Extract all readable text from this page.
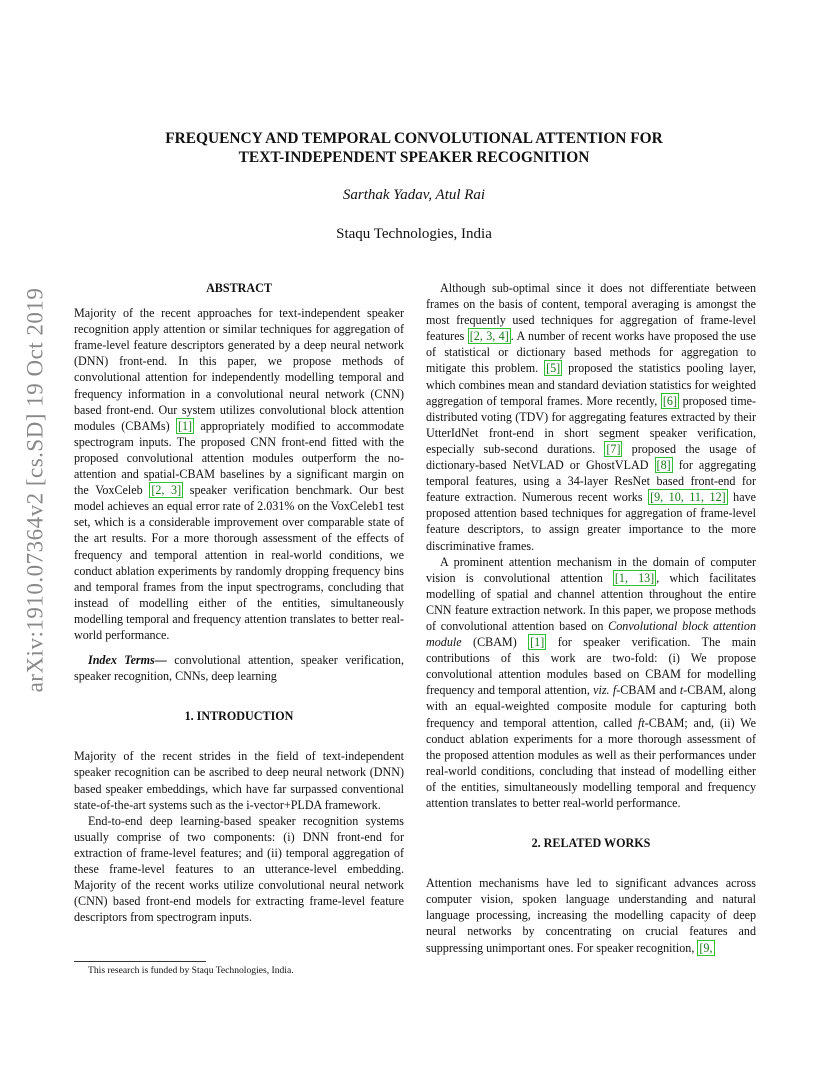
arXiv:1910.07364v2 [cs.SD] 19 Oct 2019
FREQUENCY AND TEMPORAL CONVOLUTIONAL ATTENTION FOR
TEXT-INDEPENDENT SPEAKER RECOGNITION
Sarthak Yadav, Atul Rai
Staqu Technologies, India
ABSTRACT

Majority of the recent approaches for text-independent speaker recognition apply attention or similar techniques for aggregation of frame-level feature descriptors generated by a deep neural network (DNN) front-end. In this paper, we propose methods of convolutional attention for independently modelling temporal and frequency information in a convolutional neural network (CNN) based front-end. Our system utilizes convolutional block attention modules (CBAMs) [1] appropriately modified to accommodate spectrogram inputs. The proposed CNN front-end fitted with the proposed convolutional attention modules outperform the no-attention and spatial-CBAM baselines by a significant margin on the VoxCeleb [2, 3] speaker verification benchmark. Our best model achieves an equal error rate of 2.031% on the VoxCeleb1 test set, which is a considerable improvement over comparable state of the art results. For a more thorough assessment of the effects of frequency and temporal attention in real-world conditions, we conduct ablation experiments by randomly dropping frequency bins and temporal frames from the input spectrograms, concluding that instead of modelling either of the entities, simultaneously modelling temporal and frequency attention translates to better real-world performance.

Index Terms— convolutional attention, speaker verification, speaker recognition, CNNs, deep learning

1. INTRODUCTION

Majority of the recent strides in the field of text-independent speaker recognition can be ascribed to deep neural network (DNN) based speaker embeddings, which have far surpassed conventional state-of-the-art systems such as the i-vector+PLDA framework.

End-to-end deep learning-based speaker recognition systems usually comprise of two components: (i) DNN front-end for extraction of frame-level features; and (ii) temporal aggregation of these frame-level features to an utterance-level embedding. Majority of the recent works utilize convolutional neural network (CNN) based front-end models for extracting frame-level feature descriptors from spectrogram inputs.

Although sub-optimal since it does not differentiate between frames on the basis of content, temporal averaging is amongst the most frequently used techniques for aggregation of frame-level features [2, 3, 4] . A number of recent works have proposed the use of statistical or dictionary based methods for aggregation to mitigate this problem. [5] proposed the statistics pooling layer, which combines mean and standard deviation statistics for weighted aggregation of temporal frames. More recently, [6] proposed time-distributed voting (TDV) for aggregating features extracted by their UtterIdNet front-end in short segment speaker verification, especially sub-second durations. [7] proposed the usage of dictionary-based NetVLAD or GhostVLAD [8] for aggregating temporal features, using a 34-layer ResNet based front-end for feature extraction. Numerous recent works [9, 10, 11, 12] have proposed attention based techniques for aggregation of frame-level feature descriptors, to assign greater importance to the more discriminative frames.

A prominent attention mechanism in the domain of computer vision is convolutional attention [1, 13] , which facilitates modelling of spatial and channel attention throughout the entire CNN feature extraction network. In this paper, we propose methods of convolutional attention based on Convolutional block attention module (CBAM) [1] for speaker verification. The main contributions of this work are two-fold: (i) We propose convolutional attention modules based on CBAM for modelling frequency and temporal attention, viz. f-CBAM and t-CBAM, along with an equal-weighted composite module for capturing both frequency and temporal attention, called ft-CBAM; and, (ii) We conduct ablation experiments for a more thorough assessment of the proposed attention modules as well as their performances under real-world conditions, concluding that instead of modelling either of the entities, simultaneously modelling temporal and frequency attention translates to better real-world performance.

2. RELATED WORKS

Attention mechanisms have led to significant advances across computer vision, spoken language understanding and natural language processing, increasing the modelling capacity of deep neural networks by concentrating on crucial features and suppressing unimportant ones. For speaker recognition, [9,

This research is funded by Staqu Technologies, India.
